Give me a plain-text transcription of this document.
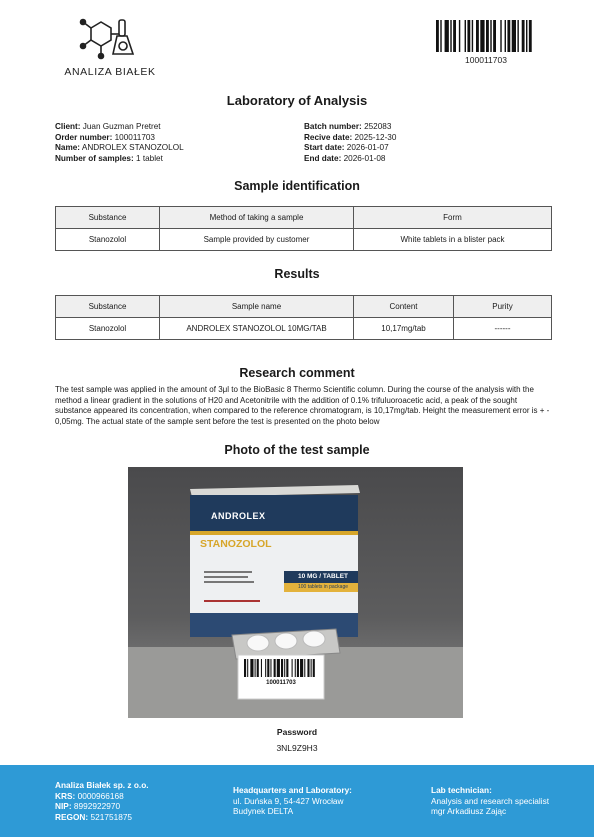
ANALIZA BIAŁEK
100011703
Laboratory of Analysis
Client: Juan Guzman Pretret
Order number: 100011703
Name: ANDROLEX STANOZOLOL
Number of samples: 1 tablet
Batch number: 252083
Recive date: 2025-12-30
Start date: 2026-01-07
End date: 2026-01-08
Sample identification
Substance	Method of taking a sample	Form
Stanozolol	Sample provided by customer	White tablets in a blister pack
Results
Substance	Sample name	Content	Purity
Stanozolol	ANDROLEX STANOZOLOL 10MG/TAB	10,17mg/tab	------
Research comment
The test sample was applied in the amount of 3μl to the BioBasic 8 Thermo Scientific column. During the course of the analysis with the method a linear gradient in the solutions of H20 and Acetonitrile with the addition of 0.1% trifuluoroacetic acid, a peak of the sought substance appeared its concentration, when compared to the reference chromatogram, is 10,17mg/tab. Height the measurement error is + - 0,05mg. The actual state of the sample sent before the test is presented on the photo below
Photo of the test sample
ANDROLEX
STANOZOLOL
10 MG / TABLET
100 tablets in package
100011703
Password
3NL9Z9H3
Analiza Białek sp. z o.o.
KRS: 0000966168
NIP: 8992922970
REGON: 521751875
Headquarters and Laboratory:
ul. Duńska 9, 54-427 Wrocław
Budynek DELTA
Lab technician:
Analysis and research specialist
mgr Arkadiusz Zając
